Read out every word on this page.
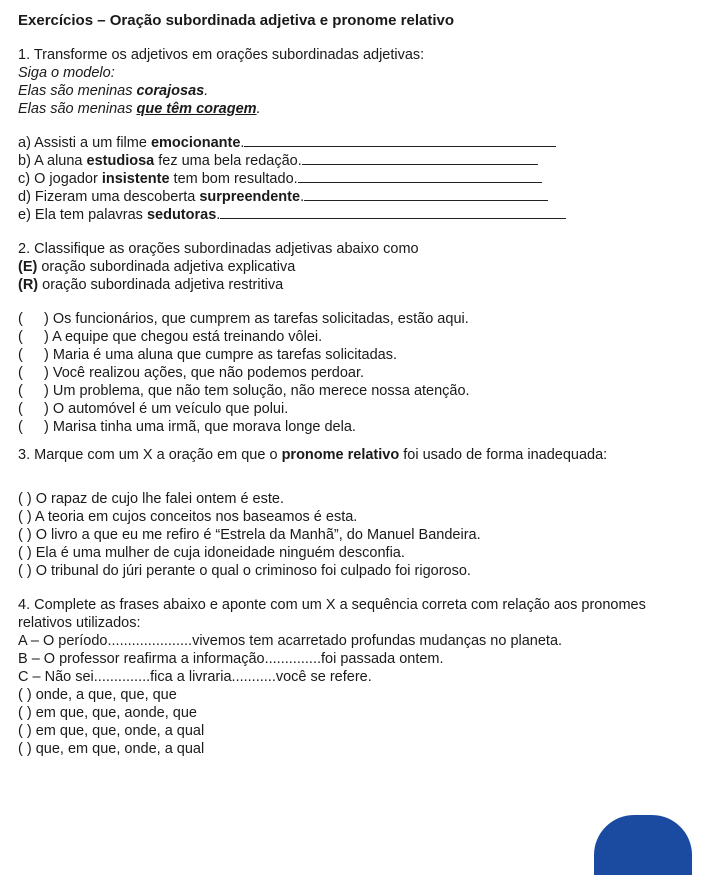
Exercícios – Oração subordinada adjetiva e pronome relativo
1. Transforme os adjetivos em orações subordinadas adjetivas:
Siga o modelo:
Elas são meninas corajosas.
Elas são meninas que têm coragem.
a) Assisti a um filme emocionante.
b) A aluna estudiosa fez uma bela redação.
c) O jogador insistente tem bom resultado.
d) Fizeram uma descoberta surpreendente.
e) Ela tem palavras sedutoras.
2. Classifique as orações subordinadas adjetivas abaixo como
(E) oração subordinada adjetiva explicativa
(R) oração subordinada adjetiva restritiva
( ) Os funcionários, que cumprem as tarefas solicitadas, estão aqui.
( ) A equipe que chegou está treinando vôlei.
( ) Maria é uma aluna que cumpre as tarefas solicitadas.
( ) Você realizou ações, que não podemos perdoar.
( ) Um problema, que não tem solução, não merece nossa atenção.
( ) O automóvel é um veículo que polui.
( ) Marisa tinha uma irmã, que morava longe dela.
3. Marque com um X a oração em que o pronome relativo foi usado de forma inadequada:
( ) O rapaz de cujo lhe falei ontem é este.
( ) A teoria em cujos conceitos nos baseamos é esta.
( ) O livro a que eu me refiro é “Estrela da Manhã”, do Manuel Bandeira.
( ) Ela é uma mulher de cuja idoneidade ninguém desconfia.
( ) O tribunal do júri perante o qual o criminoso foi culpado foi rigoroso.
4. Complete as frases abaixo e aponte com um X a sequência correta com relação aos pronomes
relativos utilizados:
A – O período.....................vivemos tem acarretado profundas mudanças no planeta.
B – O professor reafirma a informação..............foi passada ontem.
C – Não sei..............fica a livraria...........você se refere.
( ) onde, a que, que, que
( ) em que, que, aonde, que
( ) em que, que, onde, a qual
( ) que, em que, onde, a qual
